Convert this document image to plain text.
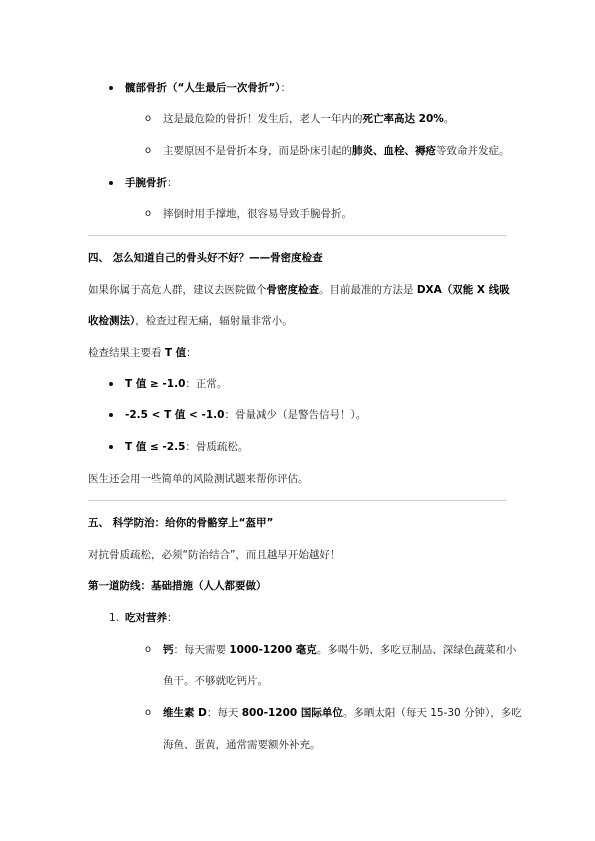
髋部骨折（“人生最后一次骨折”）：
o 这是最危险的骨折！发生后，老人一年内的死亡率高达 20%。
o 主要原因不是骨折本身，而是卧床引起的肺炎、血栓、褥疮等致命并发症。
手腕骨折：
o 摔倒时用手撑地，很容易导致手腕骨折。
四、 怎么知道自己的骨头好不好？——骨密度检查
如果你属于高危人群，建议去医院做个骨密度检查。目前最准的方法是 DXA（双能 X 线吸
收检测法），检查过程无痛，辐射量非常小。
检查结果主要看 T 值：
T 值 ≥ -1.0：正常。
-2.5 < T 值 < -1.0：骨量减少（是警告信号！）。
T 值 ≤ -2.5：骨质疏松。
医生还会用一些简单的风险测试题来帮你评估。
五、 科学防治：给你的骨骼穿上“盔甲”
对抗骨质疏松，必须“防治结合”，而且越早开始越好！
第一道防线：基础措施（人人都要做）
1. 吃对营养：
o 钙：每天需要 1000-1200 毫克。多喝牛奶、多吃豆制品、深绿色蔬菜和小
鱼干。不够就吃钙片。
o 维生素 D：每天 800-1200 国际单位。多晒太阳（每天 15-30 分钟），多吃
海鱼、蛋黄，通常需要额外补充。
